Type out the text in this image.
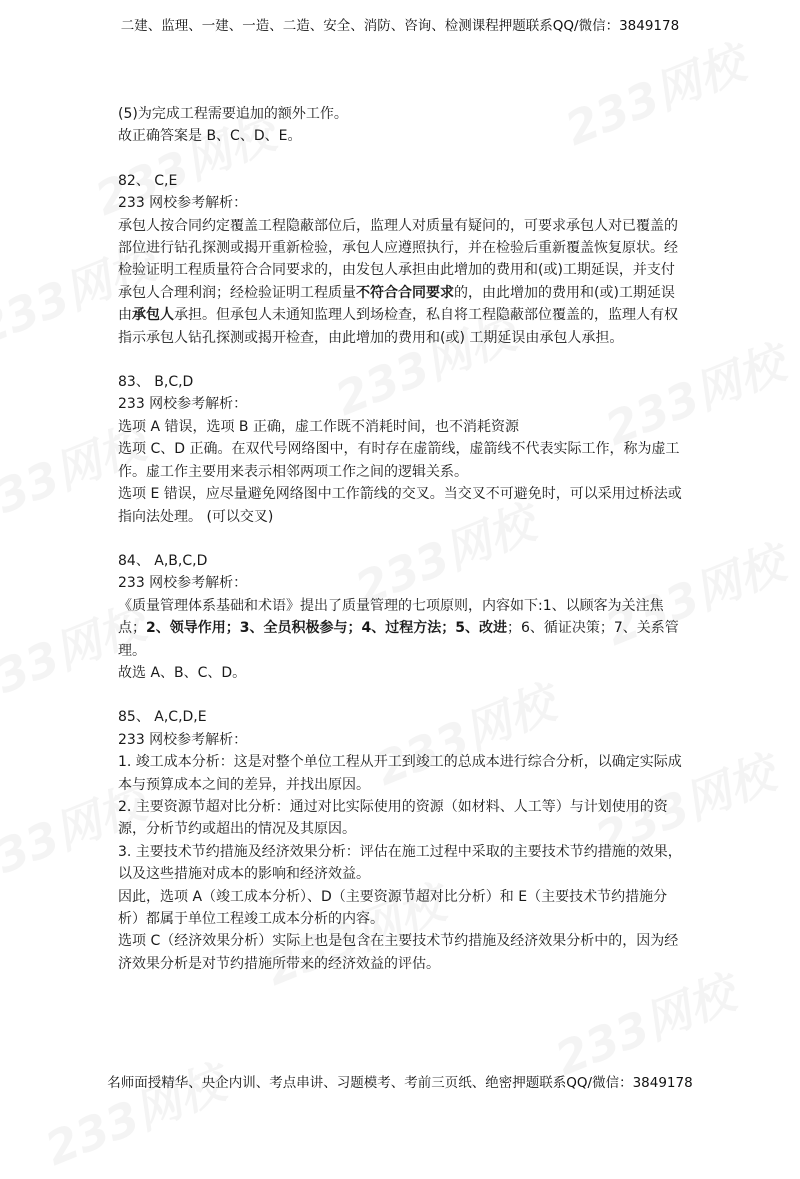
二建、监理、一建、一造、二造、安全、消防、咨询、检测课程押题联系QQ/微信：3849178

(5)为完成工程需要追加的额外工作。

故正确答案是 B、C、D、E。

82、 C,E

233 网校参考解析：

承包人按合同约定覆盖工程隐蔽部位后，监理人对质量有疑问的，可要求承包人对已覆盖的部位进行钻孔探测或揭开重新检验，承包人应遵照执行，并在检验后重新覆盖恢复原状。经检验证明工程质量符合合同要求的，由发包人承担由此增加的费用和(或)工期延误，并支付承包人合理利润；经检验证明工程质量不符合合同要求的，由此增加的费用和(或)工期延误由承包人承担。但承包人未通知监理人到场检查，私自将工程隐蔽部位覆盖的，监理人有权指示承包人钻孔探测或揭开检查，由此增加的费用和(或) 工期延误由承包人承担。

83、 B,C,D

233 网校参考解析：

选项 A 错误，选项 B 正确，虚工作既不消耗时间，也不消耗资源

选项 C、D 正确。在双代号网络图中，有时存在虚箭线，虚箭线不代表实际工作，称为虚工作。虚工作主要用来表示相邻两项工作之间的逻辑关系。

选项 E 错误，应尽量避免网络图中工作箭线的交叉。当交叉不可避免时，可以采用过桥法或指向法处理。 (可以交叉)

84、 A,B,C,D

233 网校参考解析：

《质量管理体系基础和术语》提出了质量管理的七项原则，内容如下:1、以顾客为关注焦点；2、领导作用；3、全员积极参与；4、过程方法；5、改进；6、循证决策；7、关系管理。

故选 A、B、C、D。

85、 A,C,D,E

233 网校参考解析：

1. 竣工成本分析：这是对整个单位工程从开工到竣工的总成本进行综合分析，以确定实际成本与预算成本之间的差异，并找出原因。

2. 主要资源节超对比分析：通过对比实际使用的资源（如材料、人工等）与计划使用的资源，分析节约或超出的情况及其原因。

3. 主要技术节约措施及经济效果分析：评估在施工过程中采取的主要技术节约措施的效果，以及这些措施对成本的影响和经济效益。

因此，选项 A（竣工成本分析）、D（主要资源节超对比分析）和 E（主要技术节约措施分析）都属于单位工程竣工成本分析的内容。

选项 C（经济效果分析）实际上也是包含在主要技术节约措施及经济效果分析中的，因为经济效果分析是对节约措施所带来的经济效益的评估。

名师面授精华、央企内训、考点串讲、习题模考、考前三页纸、绝密押题联系QQ/微信：3849178
